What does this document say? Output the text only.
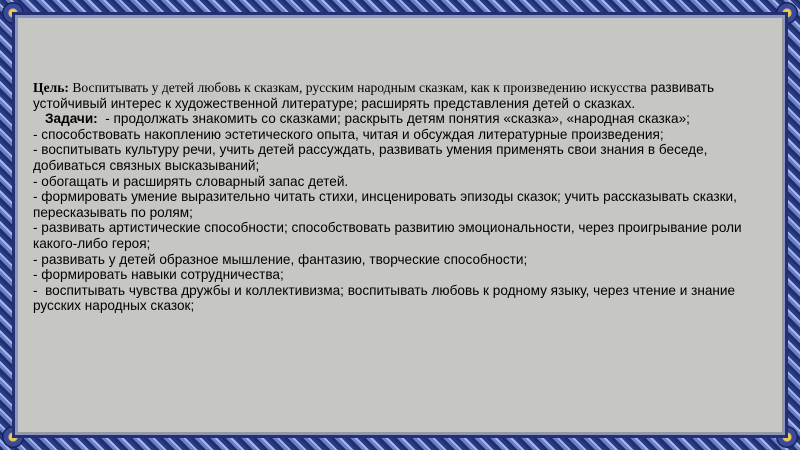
Цель: Воспитывать у детей любовь к сказкам, русским народным сказкам, как к произведению искусства развивать устойчивый интерес к художественной литературе; расширять представления детей о сказках.

Задачи:  - продолжать знакомить со сказками; раскрыть детям понятия «сказка», «народная сказка»;

- способствовать накоплению эстетического опыта, читая и обсуждая литературные произведения;

- воспитывать культуру речи, учить детей рассуждать, развивать умения применять свои знания в беседе, добиваться связных высказываний;

- обогащать и расширять словарный запас детей.

- формировать умение выразительно читать стихи, инсценировать эпизоды сказок; учить рассказывать сказки, пересказывать по ролям;

- развивать артистические способности; способствовать развитию эмоциональности, через проигрывание роли какого-либо героя;

- развивать у детей образное мышление, фантазию, творческие способности;

- формировать навыки сотрудничества;

-  воспитывать чувства дружбы и коллективизма; воспитывать любовь к родному языку, через чтение и знание русских народных сказок;
